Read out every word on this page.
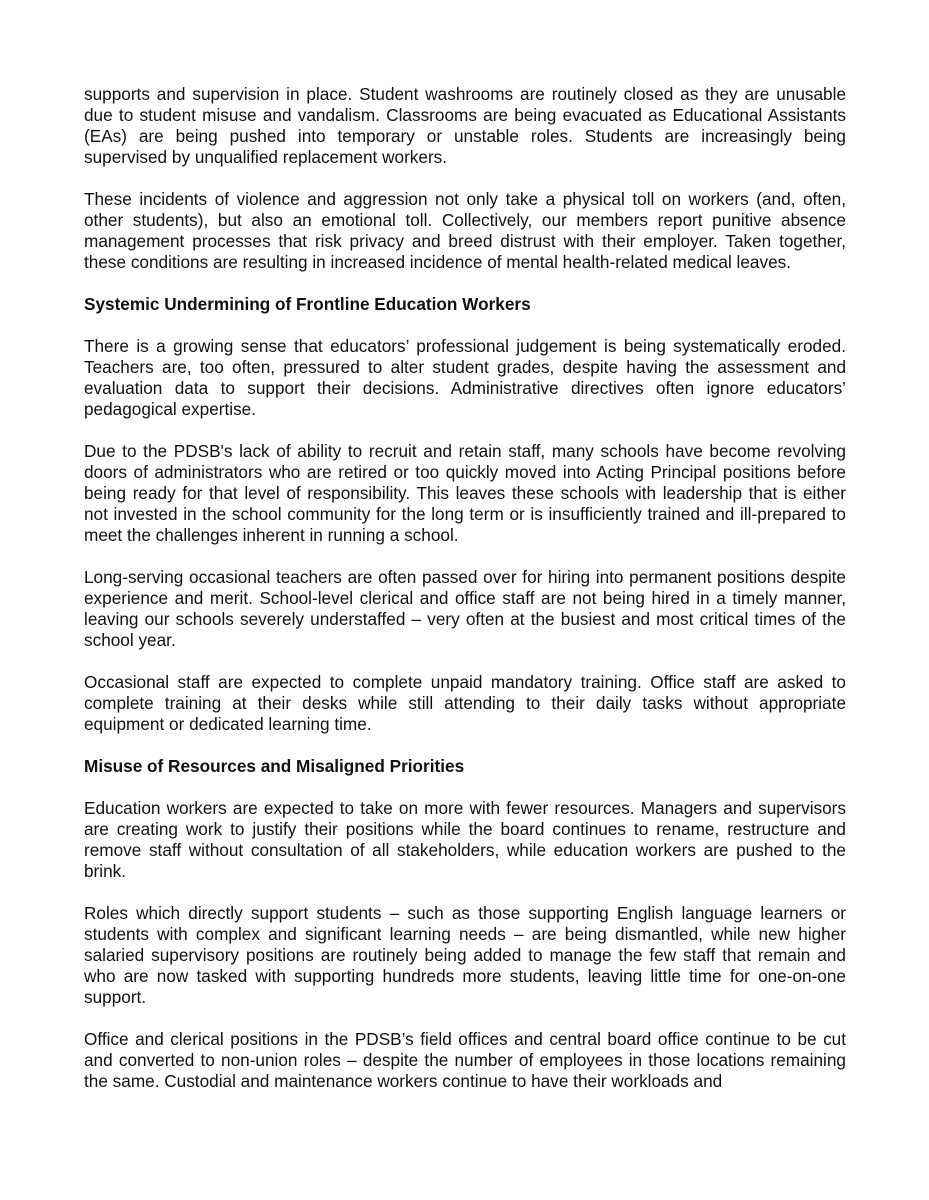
supports and supervision in place. Student washrooms are routinely closed as they are unusable due to student misuse and vandalism. Classrooms are being evacuated as Educational Assistants (EAs) are being pushed into temporary or unstable roles. Students are increasingly being supervised by unqualified replacement workers.

These incidents of violence and aggression not only take a physical toll on workers (and, often, other students), but also an emotional toll. Collectively, our members report punitive absence management processes that risk privacy and breed distrust with their employer. Taken together, these conditions are resulting in increased incidence of mental health-related medical leaves.

Systemic Undermining of Frontline Education Workers

There is a growing sense that educators’ professional judgement is being systematically eroded. Teachers are, too often, pressured to alter student grades, despite having the assessment and evaluation data to support their decisions. Administrative directives often ignore educators’ pedagogical expertise.

Due to the PDSB's lack of ability to recruit and retain staff, many schools have become revolving doors of administrators who are retired or too quickly moved into Acting Principal positions before being ready for that level of responsibility. This leaves these schools with leadership that is either not invested in the school community for the long term or is insufficiently trained and ill-prepared to meet the challenges inherent in running a school.

Long-serving occasional teachers are often passed over for hiring into permanent positions despite experience and merit. School-level clerical and office staff are not being hired in a timely manner, leaving our schools severely understaffed – very often at the busiest and most critical times of the school year.

Occasional staff are expected to complete unpaid mandatory training. Office staff are asked to complete training at their desks while still attending to their daily tasks without appropriate equipment or dedicated learning time.

Misuse of Resources and Misaligned Priorities

Education workers are expected to take on more with fewer resources. Managers and supervisors are creating work to justify their positions while the board continues to rename, restructure and remove staff without consultation of all stakeholders, while education workers are pushed to the brink.

Roles which directly support students – such as those supporting English language learners or students with complex and significant learning needs – are being dismantled, while new higher salaried supervisory positions are routinely being added to manage the few staff that remain and who are now tasked with supporting hundreds more students, leaving little time for one-on-one support.

Office and clerical positions in the PDSB’s field offices and central board office continue to be cut and converted to non-union roles – despite the number of employees in those locations remaining the same. Custodial and maintenance workers continue to have their workloads and
